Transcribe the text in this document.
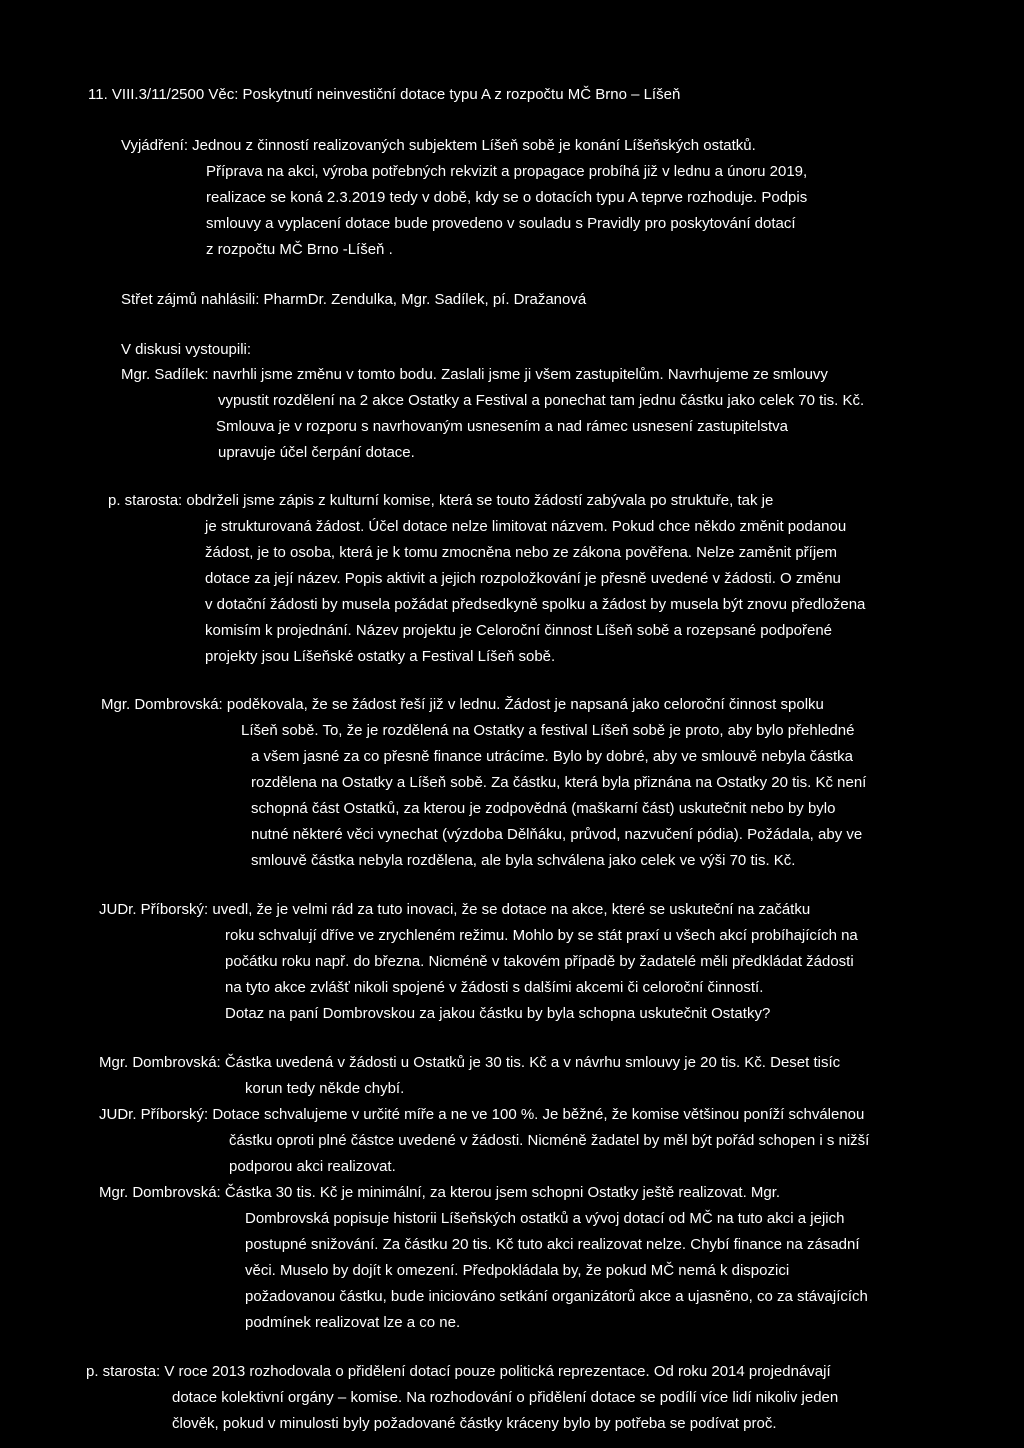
11. VIII.3/11/2500 Věc: Poskytnutí neinvestiční dotace typu A z rozpočtu MČ Brno – Líšeň

Vyjádření: Jednou z činností realizovaných subjektem Líšeň sobě je konání Líšeňských ostatků.

Příprava na akci, výroba potřebných rekvizit a propagace probíhá již v lednu a únoru 2019,

realizace se koná 2.3.2019 tedy v době, kdy se o dotacích typu A teprve rozhoduje. Podpis

smlouvy a vyplacení dotace bude provedeno v souladu s Pravidly pro poskytování dotací

z rozpočtu MČ Brno -Líšeň .

Střet zájmů nahlásili: PharmDr. Zendulka, Mgr. Sadílek, pí. Dražanová

V diskusi vystoupili:

Mgr. Sadílek: navrhli jsme změnu v tomto bodu. Zaslali jsme ji všem zastupitelům. Navrhujeme ze smlouvy

vypustit rozdělení na 2 akce Ostatky a Festival a ponechat tam jednu částku jako celek 70 tis. Kč.

Smlouva je v rozporu s navrhovaným usnesením a nad rámec usnesení zastupitelstva

upravuje účel čerpání dotace.

p. starosta: obdrželi jsme zápis z kulturní komise, která se touto žádostí zabývala po struktuře, tak je

je strukturovaná žádost. Účel dotace nelze limitovat názvem. Pokud chce někdo změnit podanou

žádost, je to osoba, která je k tomu zmocněna nebo ze zákona pověřena. Nelze zaměnit příjem

dotace za její název. Popis aktivit a jejich rozpoložkování je přesně uvedené v žádosti. O změnu

v dotační žádosti by musela požádat předsedkyně spolku a žádost by musela být znovu předložena

komisím k projednání. Název projektu je Celoroční činnost Líšeň sobě a rozepsané podpořené

projekty jsou Líšeňské ostatky a Festival Líšeň sobě.

Mgr. Dombrovská: poděkovala, že se žádost řeší již v lednu. Žádost je napsaná jako celoroční činnost spolku

Líšeň sobě. To, že je rozdělená na Ostatky a festival Líšeň sobě je proto, aby bylo přehledné

a všem jasné za co přesně finance utrácíme. Bylo by dobré, aby ve smlouvě nebyla částka

rozdělena na Ostatky a Líšeň sobě. Za částku, která byla přiznána na Ostatky 20 tis. Kč není

schopná část Ostatků, za kterou je zodpovědná (maškarní část) uskutečnit nebo by bylo

nutné některé věci vynechat (výzdoba Dělňáku, průvod, nazvučení pódia). Požádala, aby ve

smlouvě částka nebyla rozdělena, ale byla schválena jako celek ve výši 70 tis. Kč.

JUDr. Příborský: uvedl, že je velmi rád za tuto inovaci, že se dotace na akce, které se uskuteční na začátku

roku schvalují dříve ve zrychleném režimu. Mohlo by se stát praxí u všech akcí probíhajících na

počátku roku např. do března. Nicméně v takovém případě by žadatelé měli předkládat žádosti

na tyto akce zvlášť nikoli spojené v žádosti s dalšími akcemi či celoroční činností.

Dotaz na paní Dombrovskou za jakou částku by byla schopna uskutečnit Ostatky?

Mgr. Dombrovská: Částka uvedená v žádosti u Ostatků je 30 tis. Kč a v návrhu smlouvy je 20 tis. Kč. Deset tisíc

korun tedy někde chybí.

JUDr. Příborský: Dotace schvalujeme v určité míře a ne ve 100 %. Je běžné, že komise většinou poníží schválenou

částku oproti plné částce uvedené v žádosti. Nicméně žadatel by měl být pořád schopen i s nižší

podporou akci realizovat.

Mgr. Dombrovská: Částka 30 tis. Kč je minimální, za kterou jsem schopni Ostatky ještě realizovat. Mgr.

Dombrovská popisuje historii Líšeňských ostatků a vývoj dotací od MČ na tuto akci a jejich

postupné snižování. Za částku 20 tis. Kč tuto akci realizovat nelze. Chybí finance na zásadní

věci. Muselo by dojít k omezení. Předpokládala by, že pokud MČ nemá k dispozici

požadovanou částku, bude iniciováno setkání organizátorů akce a ujasněno, co za stávajících

podmínek realizovat lze a co ne.

p. starosta: V roce 2013 rozhodovala o přidělení dotací pouze politická reprezentace. Od roku 2014 projednávají

dotace kolektivní orgány – komise. Na rozhodování o přidělení dotace se podílí více lidí nikoliv jeden

člověk, pokud v minulosti byly požadované částky kráceny bylo by potřeba se podívat proč.
